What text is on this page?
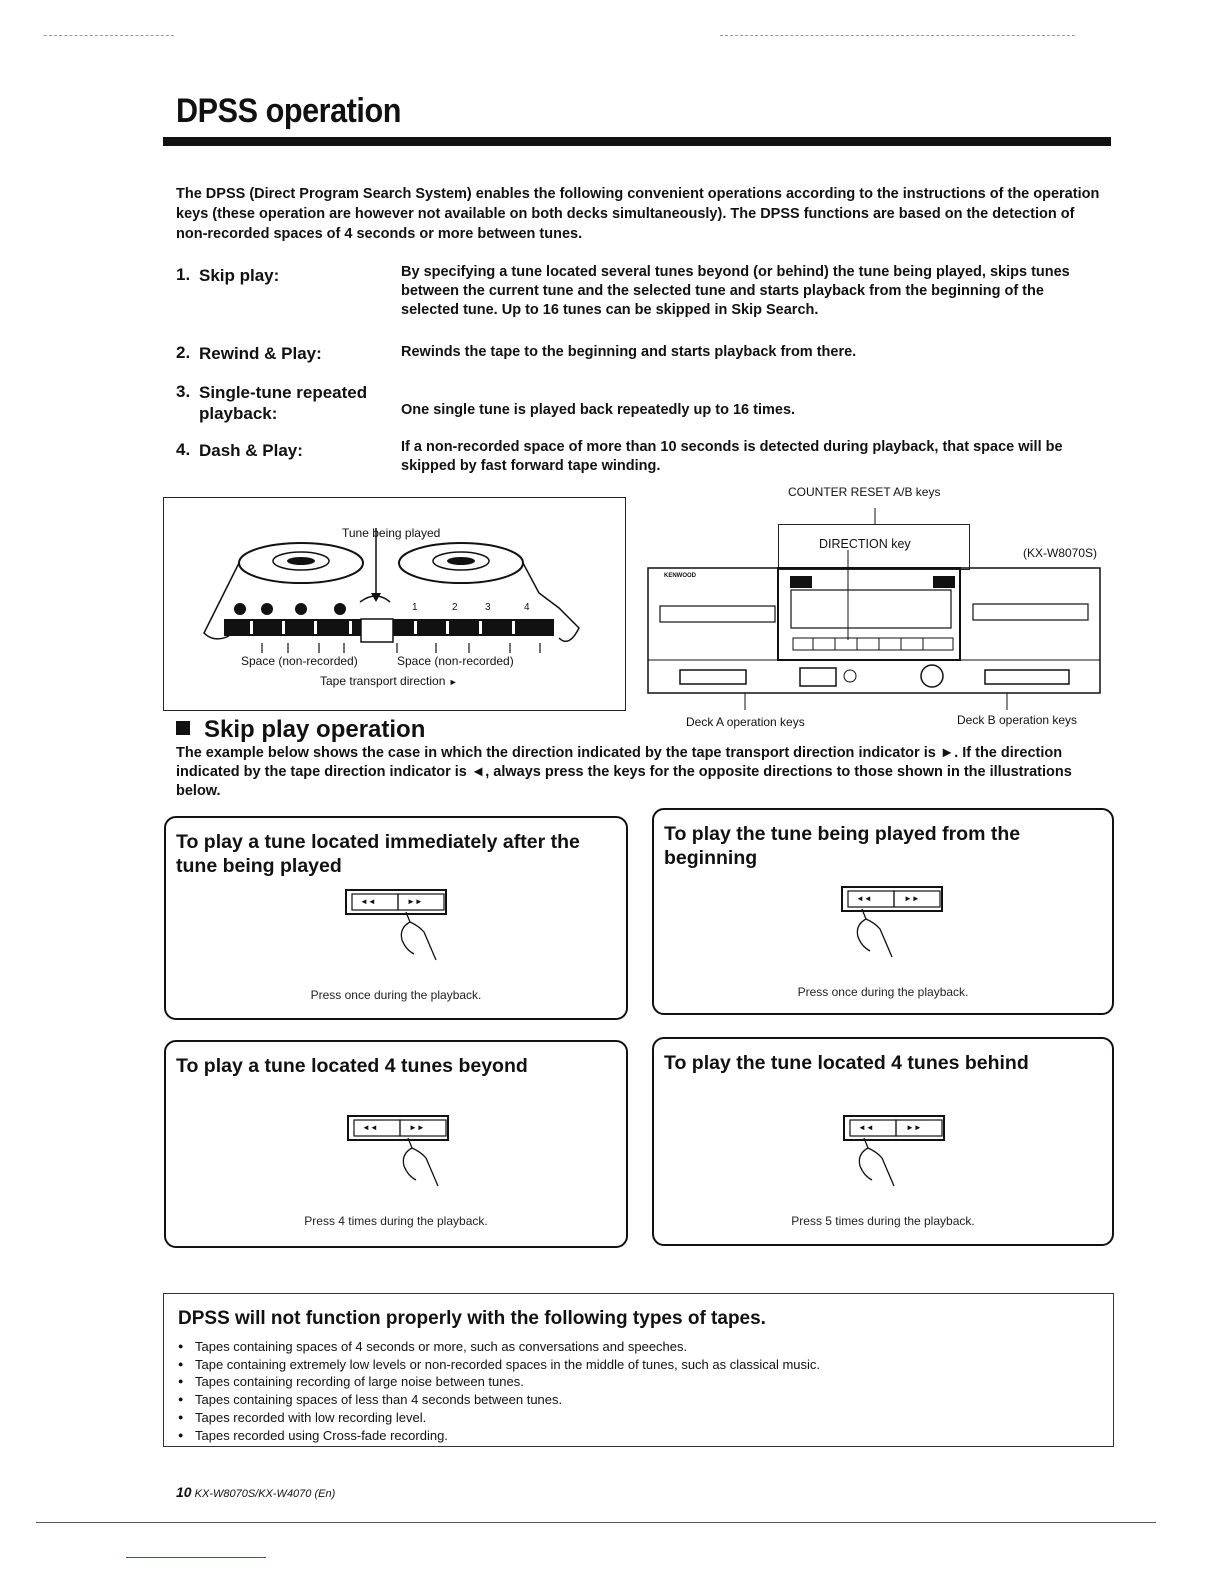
DPSS operation
The DPSS (Direct Program Search System) enables the following convenient operations according to the instructions of the operation keys (these operation are however not available on both decks simultaneously). The DPSS functions are based on the detection of non-recorded spaces of 4 seconds or more between tunes.
1. Skip play:	By specifying a tune located several tunes beyond (or behind) the tune being played, skips tunes between the current tune and the selected tune and starts playback from the beginning of the selected tune. Up to 16 tunes can be skipped in Skip Search.
2. Rewind & Play:	Rewinds the tape to the beginning and starts playback from there.
3. Single-tune repeated playback:	One single tune is played back repeatedly up to 16 times.
4. Dash & Play:	If a non-recorded space of more than 10 seconds is detected during playback, that space will be skipped by fast forward tape winding.
Tune being played
1	2	3	4
Space (non-recorded)	Space (non-recorded)
Tape transport direction ►
COUNTER RESET A/B keys
DIRECTION key
(KX-W8070S)
KENWOOD
Deck A operation keys	Deck B operation keys
Skip play operation
The example below shows the case in which the direction indicated by the tape transport direction indicator is ►. If the direction indicated by the tape direction indicator is ◄, always press the keys for the opposite directions to those shown in the illustrations below.
To play a tune located immediately after the tune being played
◄◄	►►
Press once during the playback.
To play the tune being played from the beginning
◄◄	►►
Press once during the playback.
To play a tune located 4 tunes beyond
◄◄	►►
Press 4 times during the playback.
To play the tune located 4 tunes behind
◄◄	►►
Press 5 times during the playback.
DPSS will not function properly with the following types of tapes.
● Tapes containing spaces of 4 seconds or more, such as conversations and speeches.
● Tape containing extremely low levels or non-recorded spaces in the middle of tunes, such as classical music.
● Tapes containing recording of large noise between tunes.
● Tapes containing spaces of less than 4 seconds between tunes.
● Tapes recorded with low recording level.
● Tapes recorded using Cross-fade recording.
10 KX-W8070S/KX-W4070 (En)
